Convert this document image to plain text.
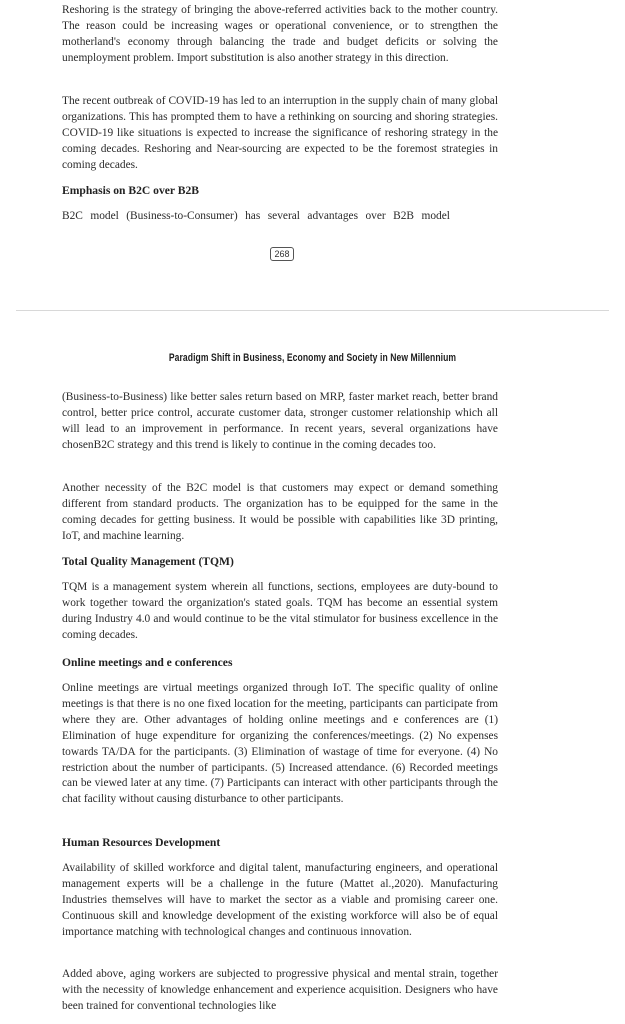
Reshoring is the strategy of bringing the above-referred activities back to the mother country. The reason could be increasing wages or operational convenience, or to strengthen the motherland's economy through balancing the trade and budget deficits or solving the unemployment problem. Import substitution is also another strategy in this direction.

The recent outbreak of COVID-19 has led to an interruption in the supply chain of many global organizations. This has prompted them to have a rethinking on sourcing and shoring strategies. COVID-19 like situations is expected to increase the significance of reshoring strategy in the coming decades. Reshoring and Near-sourcing are expected to be the foremost strategies in coming decades.

Emphasis on B2C over B2B

B2C model (Business-to-Consumer) has several advantages over B2B model

268
Paradigm Shift in Business, Economy and Society in New Millennium

(Business-to-Business) like better sales return based on MRP, faster market reach, better brand control, better price control, accurate customer data, stronger customer relationship which all will lead to an improvement in performance. In recent years, several organizations have chosenB2C strategy and this trend is likely to continue in the coming decades too.

Another necessity of the B2C model is that customers may expect or demand something different from standard products. The organization has to be equipped for the same in the coming decades for getting business. It would be possible with capabilities like 3D printing, IoT, and machine learning.

Total Quality Management (TQM)

TQM is a management system wherein all functions, sections, employees are duty-bound to work together toward the organization's stated goals. TQM has become an essential system during Industry 4.0 and would continue to be the vital stimulator for business excellence in the coming decades.

Online meetings and e conferences

Online meetings are virtual meetings organized through IoT. The specific quality of online meetings is that there is no one fixed location for the meeting, participants can participate from where they are. Other advantages of holding online meetings and e conferences are (1) Elimination of huge expenditure for organizing the conferences/meetings. (2) No expenses towards TA/DA for the participants. (3) Elimination of wastage of time for everyone. (4) No restriction about the number of participants. (5) Increased attendance. (6) Recorded meetings can be viewed later at any time. (7) Participants can interact with other participants through the chat facility without causing disturbance to other participants.

Human Resources Development

Availability of skilled workforce and digital talent, manufacturing engineers, and operational management experts will be a challenge in the future (Mattet al.,2020). Manufacturing Industries themselves will have to market the sector as a viable and promising career one. Continuous skill and knowledge development of the existing workforce will also be of equal importance matching with technological changes and continuous innovation.

Added above, aging workers are subjected to progressive physical and mental strain, together with the necessity of knowledge enhancement and experience acquisition. Designers who have been trained for conventional technologies like
